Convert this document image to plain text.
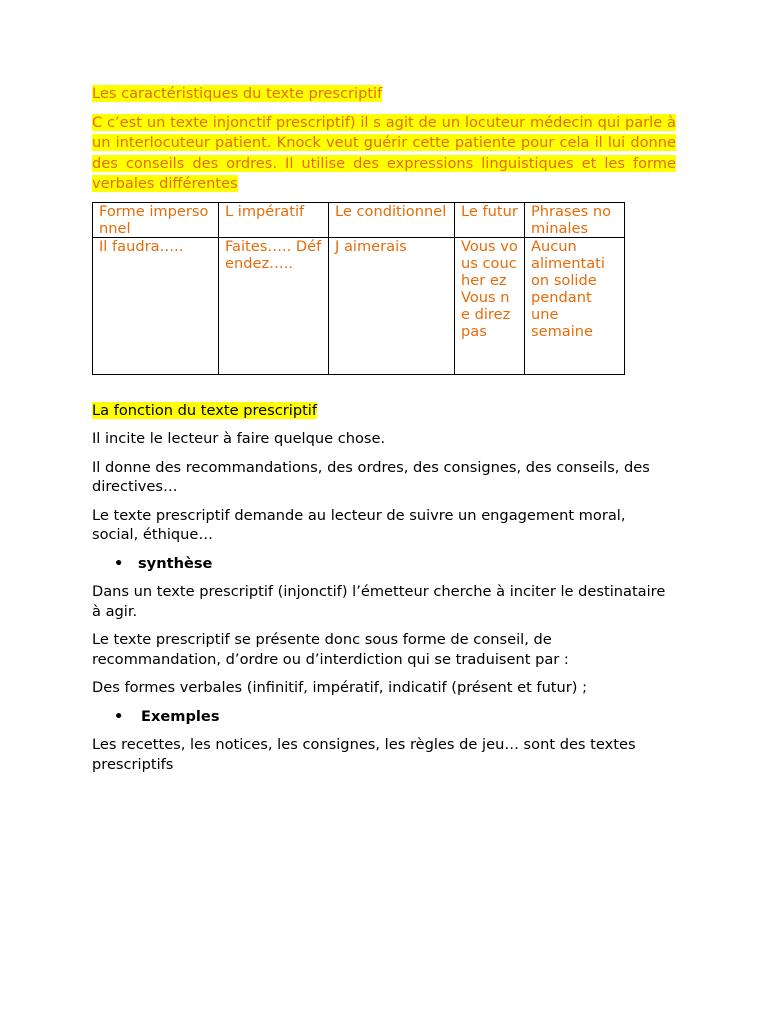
Les caractéristiques du texte prescriptif

C c’est un texte injonctif prescriptif) il s agit de un locuteur médecin qui parle à un interlocuteur patient. Knock veut guérir cette patiente pour cela il lui donne des conseils des ordres. Il utilise des expressions linguistiques et les forme verbales différentes

Forme impersonnel	L impératif	Le conditionnel	Le futur	Phrases nominales
Il faudra…..	Faites….. Défendez…..	J aimerais	Vous vous coucher ez Vous ne direz pas	Aucun alimentati on solide pendant une semaine

La fonction du texte prescriptif

Il incite le lecteur à faire quelque chose.

Il donne des recommandations, des ordres, des consignes, des conseils, des directives…

Le texte prescriptif demande au lecteur de suivre un engagement moral, social, éthique…

• synthèse

Dans un texte prescriptif (injonctif) l’émetteur cherche à inciter le destinataire à agir.

Le texte prescriptif se présente donc sous forme de conseil, de recommandation, d’ordre ou d’interdiction qui se traduisent par :

Des formes verbales (infinitif, impératif, indicatif (présent et futur) ;

• Exemples

Les recettes, les notices, les consignes, les règles de jeu… sont des textes prescriptifs
